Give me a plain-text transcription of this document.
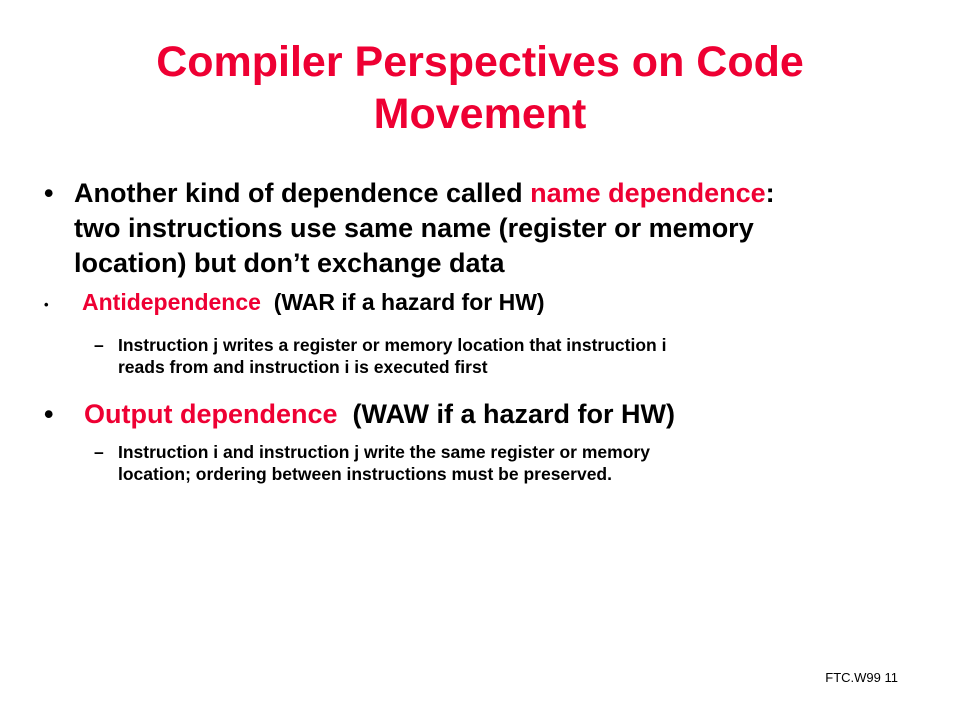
Compiler Perspectives on Code
Movement
• Another kind of dependence called name dependence:
two instructions use same name (register or memory
location) but don’t exchange data
• Antidependence  (WAR if a hazard for HW)
– Instruction j writes a register or memory location that instruction i
reads from and instruction i is executed first
• Output dependence  (WAW if a hazard for HW)
– Instruction i and instruction j write the same register or memory
location; ordering between instructions must be preserved.
FTC.W99 11
